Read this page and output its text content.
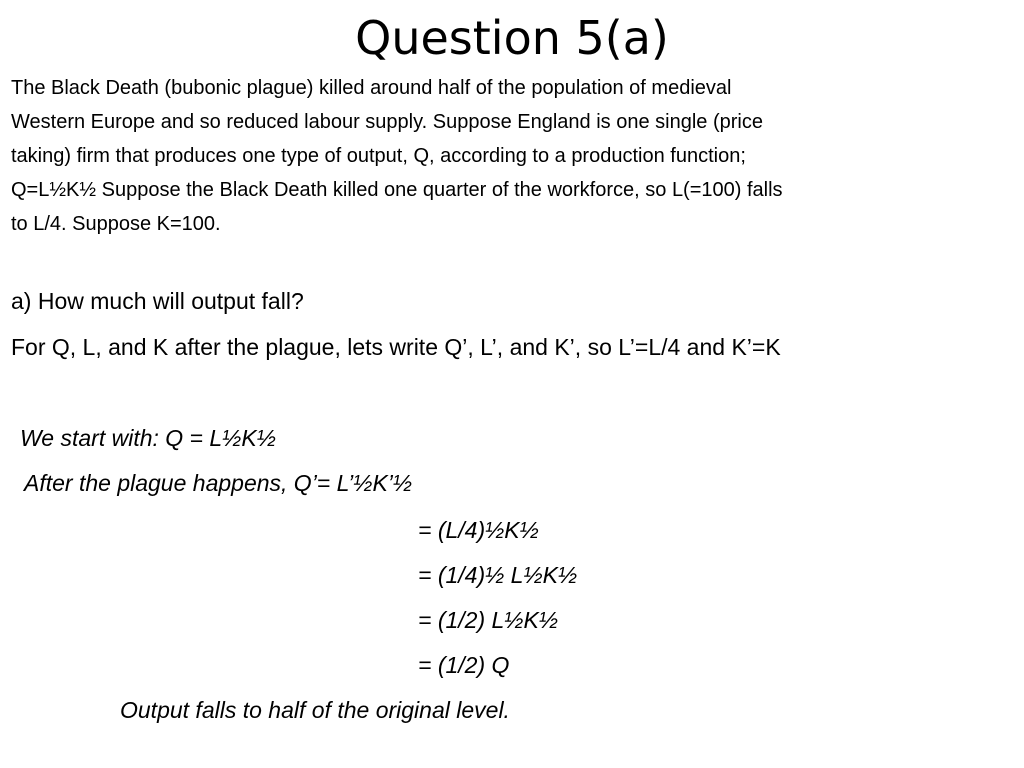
Question 5(a)
The Black Death (bubonic plague) killed around half of the population of medieval
Western Europe and so reduced labour supply. Suppose England is one single (price
taking) firm that produces one type of output, Q, according to a production function;
Q=L½K½ Suppose the Black Death killed one quarter of the workforce, so L(=100) falls
to L/4. Suppose K=100.
a) How much will output fall?
For Q, L, and K after the plague, lets write Q’, L’, and K’, so L’=L/4 and K’=K
We start with: Q = L½K½
After the plague happens, Q’= L’½K’½
= (L/4)½K½
= (1/4)½ L½K½
= (1/2) L½K½
= (1/2) Q
Output falls to half of the original level.
